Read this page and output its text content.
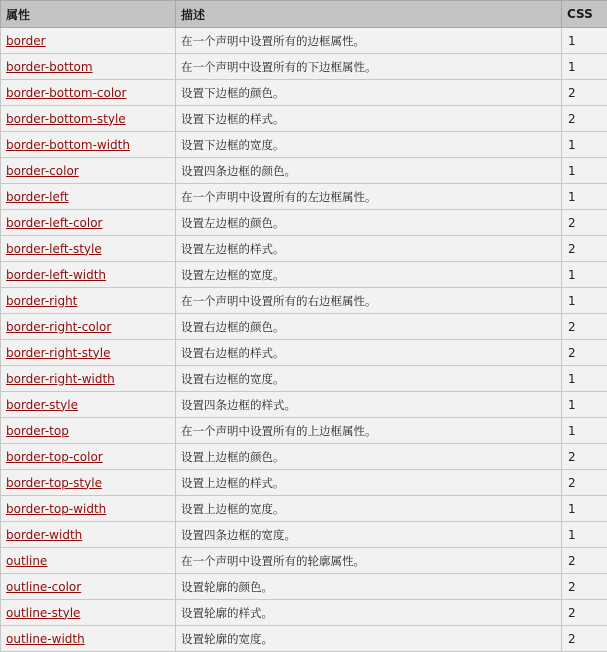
属性	描述	CSS
border	在一个声明中设置所有的边框属性。	1
border-bottom	在一个声明中设置所有的下边框属性。	1
border-bottom-color	设置下边框的颜色。	2
border-bottom-style	设置下边框的样式。	2
border-bottom-width	设置下边框的宽度。	1
border-color	设置四条边框的颜色。	1
border-left	在一个声明中设置所有的左边框属性。	1
border-left-color	设置左边框的颜色。	2
border-left-style	设置左边框的样式。	2
border-left-width	设置左边框的宽度。	1
border-right	在一个声明中设置所有的右边框属性。	1
border-right-color	设置右边框的颜色。	2
border-right-style	设置右边框的样式。	2
border-right-width	设置右边框的宽度。	1
border-style	设置四条边框的样式。	1
border-top	在一个声明中设置所有的上边框属性。	1
border-top-color	设置上边框的颜色。	2
border-top-style	设置上边框的样式。	2
border-top-width	设置上边框的宽度。	1
border-width	设置四条边框的宽度。	1
outline	在一个声明中设置所有的轮廓属性。	2
outline-color	设置轮廓的颜色。	2
outline-style	设置轮廓的样式。	2
outline-width	设置轮廓的宽度。	2
